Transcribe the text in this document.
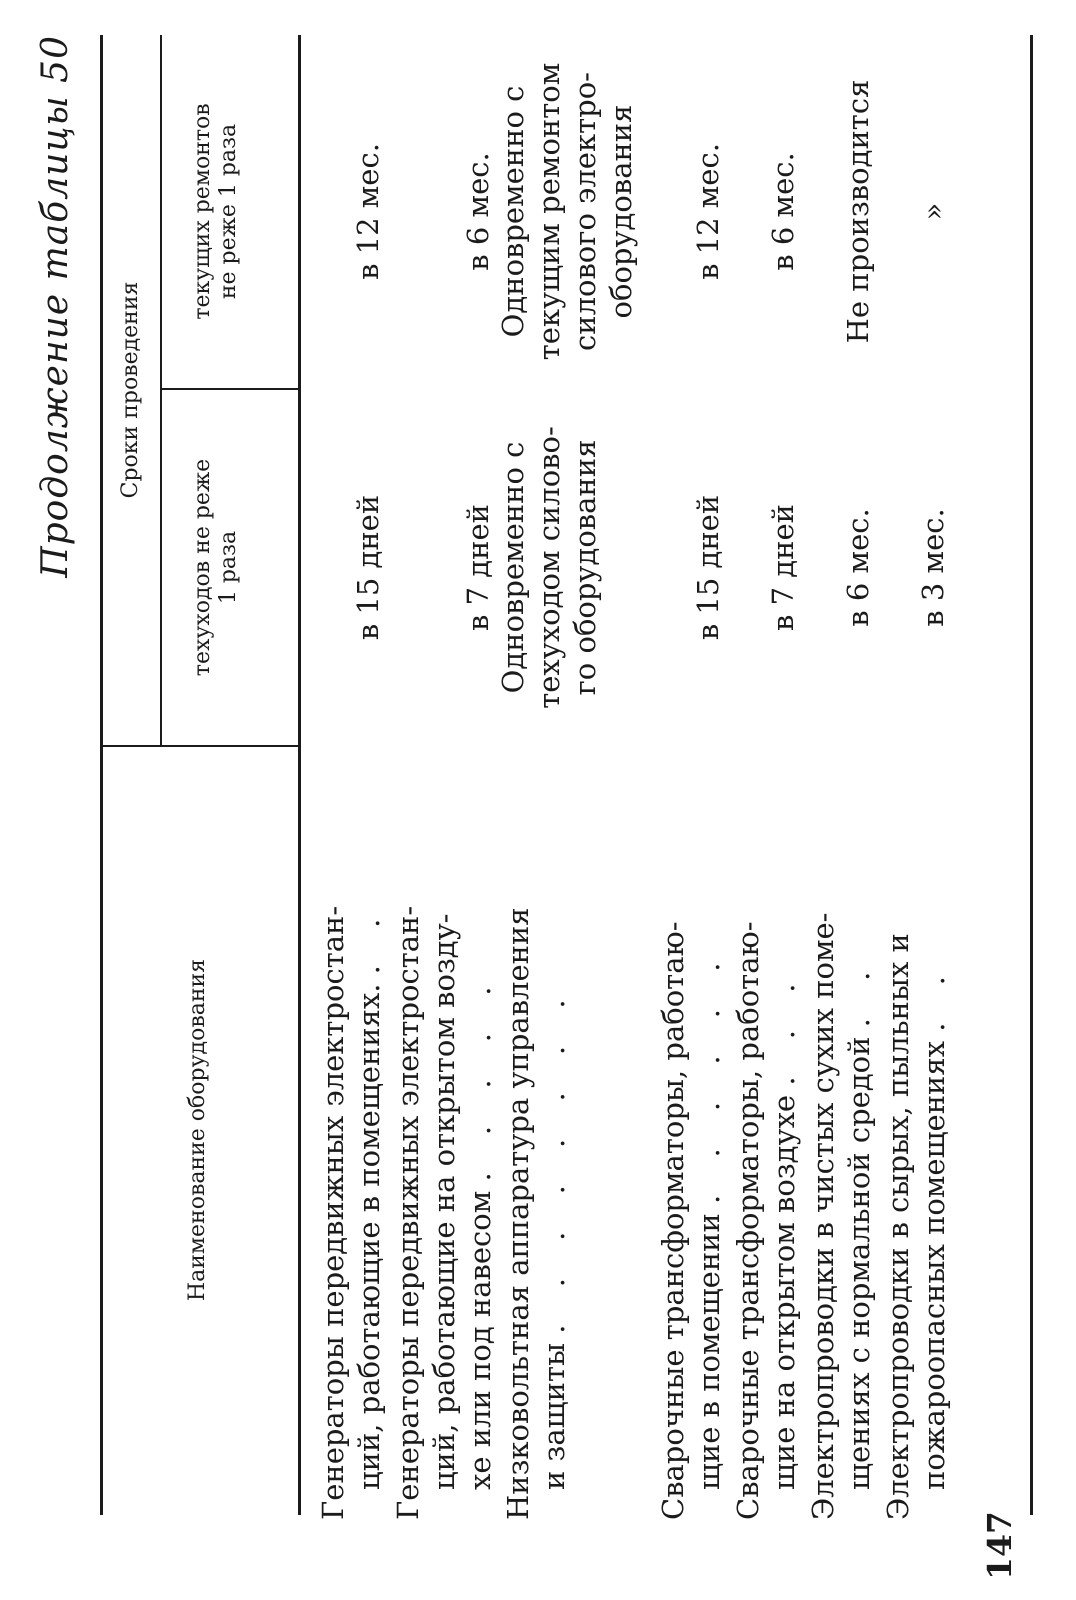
Продолжение таблицы 50
Наименование оборудования
Сроки проведения
техуходов не реже 1 раза
текущих ремонтов не реже 1 раза
Генераторы передвижных электростан- ций, работающие в помещениях. . .
в 15 дней
в 12 мес.
Генераторы передвижных электростан- ций, работающие на открытом возду- хе или под навесом . . . . .
в 7 дней
в 6 мес.
Низковольтная аппаратура управления и защиты . . . . . . . .
Одновременно с техуходом силово- го оборудования
Одновременно с текущим ремонтом силового электро- оборудования
Сварочные трансформаторы, работаю- щие в помещении . . . . . .
в 15 дней
в 12 мес.
Сварочные трансформаторы, работаю- щие на открытом воздухе . . .
в 7 дней
в 6 мес.
Электропроводки в чистых сухих поме- щениях с нормальной средой . .
в 6 мес.
Не производится
Электропроводки в сырых, пыльных и пожароопасных помещениях . .
в 3 мес.
»
147
